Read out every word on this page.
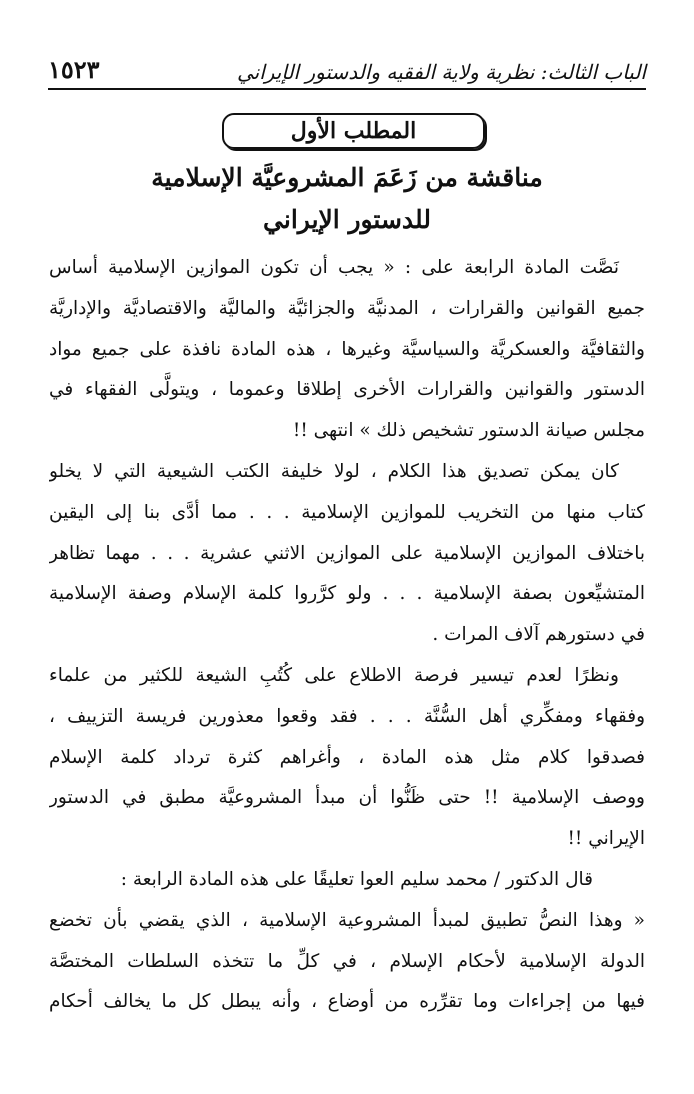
الباب الثالث: نظرية ولاية الفقيه والدستور الإيراني
١٥٢٣
المطلب الأول
مناقشة من زَعَمَ المشروعيَّة الإسلامية
للدستور الإيراني
نَصَّت المادة الرابعة على : « يجب أن تكون الموازين الإسلامية أساس
جميع القوانين والقرارات ، المدنيَّة والجزائيَّة والماليَّة والاقتصاديَّة والإداريَّة
والثقافيَّة والعسكريَّة والسياسيَّة وغيرها ، هذه المادة نافذة على جميع مواد
الدستور والقوانين والقرارات الأخرى إطلاقا وعموما ، ويتولَّى الفقهاء في
مجلس صيانة الدستور تشخيص ذلك » انتهى !!
كان يمكن تصديق هذا الكلام ، لولا خليفة الكتب الشيعية التي لا يخلو
كتاب منها من التخريب للموازين الإسلامية . . . مما أدَّى بنا إلى اليقين
باختلاف الموازين الإسلامية على الموازين الاثني عشرية . . . مهما تظاهر
المتشيِّعون بصفة الإسلامية . . . ولو كرَّروا كلمة الإسلام وصفة الإسلامية
في دستورهم آلاف المرات .
ونظرًا لعدم تيسير فرصة الاطلاع على كُتُبِ الشيعة للكثير من علماء
وفقهاء ومفكِّري أهل السُّنَّة . . . فقد وقعوا معذورين فريسة التزييف ،
فصدقوا كلام مثل هذه المادة ، وأغراهم كثرة ترداد كلمة الإسلام
ووصف الإسلامية !! حتى ظَنُّوا أن مبدأ المشروعيَّة مطبق في الدستور
الإيراني !!
قال الدكتور / محمد سليم العوا تعليقًا على هذه المادة الرابعة :
« وهذا النصُّ تطبيق لمبدأ المشروعية الإسلامية ، الذي يقضي بأن تخضع
الدولة الإسلامية لأحكام الإسلام ، في كلِّ ما تتخذه السلطات المختصَّة
فيها من إجراءات وما تقرِّره من أوضاع ، وأنه يبطل كل ما يخالف أحكام
